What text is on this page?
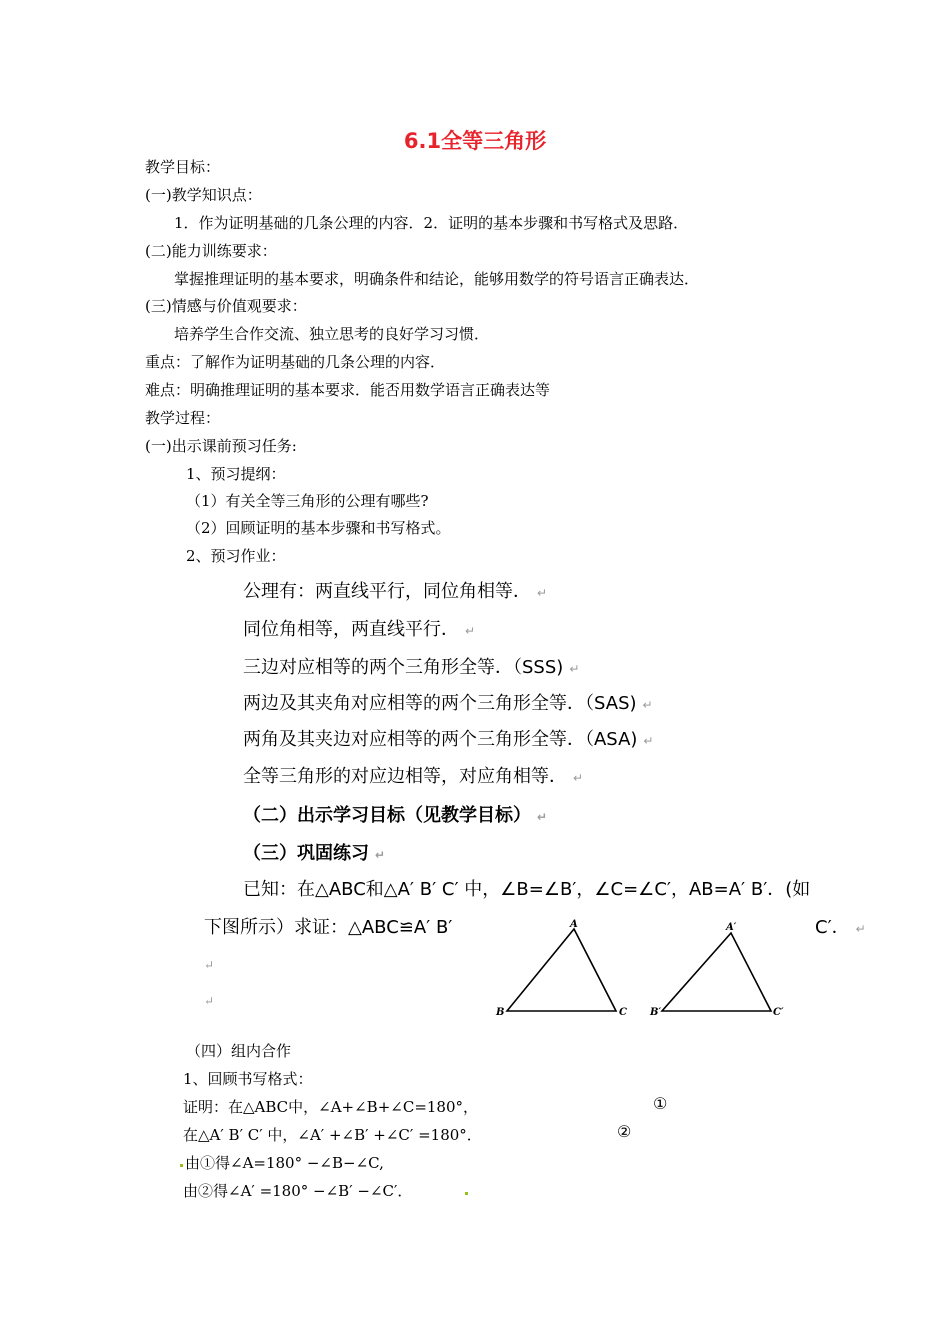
6.1全等三角形
教学目标：
(一)教学知识点：
1．作为证明基础的几条公理的内容．2．证明的基本步骤和书写格式及思路．
(二)能力训练要求：
掌握推理证明的基本要求，明确条件和结论，能够用数学的符号语言正确表达．
(三)情感与价值观要求：
培养学生合作交流、独立思考的良好学习习惯．
重点：了解作为证明基础的几条公理的内容．
难点：明确推理证明的基本要求．能否用数学语言正确表达等
教学过程：
(一)出示课前预习任务:
1、预习提纲：
（1）有关全等三角形的公理有哪些?
（2）回顾证明的基本步骤和书写格式。
2、预习作业：
公理有：两直线平行，同位角相等． ↵
同位角相等，两直线平行． ↵
三边对应相等的两个三角形全等．（SSS) ↵
两边及其夹角对应相等的两个三角形全等．（SAS) ↵
两角及其夹边对应相等的两个三角形全等．（ASA) ↵
全等三角形的对应边相等，对应角相等． ↵
（二）出示学习目标（见教学目标） ↵
（三）巩固练习 ↵
已知：在△ABC和△A′ B′ C′ 中，∠B=∠B′，∠C=∠C′，AB=A′ B′．(如
下图所示）求证：△ABC≌A′ B′	C′． ↵
↵
↵
A
B	C
A′
B′	C′
（四）组内合作
1、回顾书写格式：
证明：在△ABC中，∠A+∠B+∠C=180°，	①
在△A′ B′ C′ 中，∠A′ +∠B′ +∠C′ =180°．	②
由①得∠A=180° −∠B−∠C,
由②得∠A′ =180° −∠B′ −∠C′．
